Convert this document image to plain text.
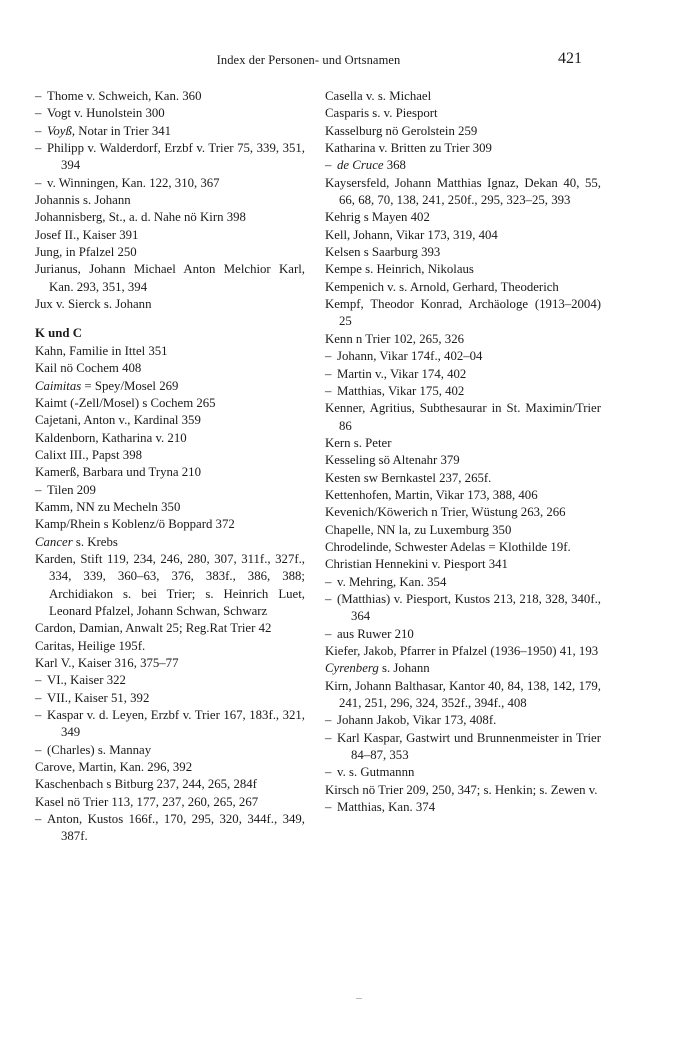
Index der Personen- und Ortsnamen	421
– Thome v. Schweich, Kan. 360
– Vogt v. Hunolstein 300
– Voyß, Notar in Trier 341
– Philipp v. Walderdorf, Erzbf v. Trier 75, 339, 351, 394
– v. Winningen, Kan. 122, 310, 367
Johannis s. Johann
Johannisberg, St., a. d. Nahe nö Kirn 398
Josef II., Kaiser 391
Jung, in Pfalzel 250
Jurianus, Johann Michael Anton Melchior Karl, Kan. 293, 351, 394
Jux v. Sierck s. Johann
K und C
Kahn, Familie in Ittel 351
Kail nö Cochem 408
Caimitas = Spey/Mosel 269
Kaimt (-Zell/Mosel) s Cochem 265
Cajetani, Anton v., Kardinal 359
Kaldenborn, Katharina v. 210
Calixt III., Papst 398
Kamerß, Barbara und Tryna 210
– Tilen 209
Kamm, NN zu Mecheln 350
Kamp/Rhein s Koblenz/ö Boppard 372
Cancer s. Krebs
Karden, Stift 119, 234, 246, 280, 307, 311f., 327f., 334, 339, 360–63, 376, 383f., 386, 388; Archidiakon s. bei Trier; s. Heinrich Luet, Leonard Pfalzel, Johann Schwan, Schwarz
Cardon, Damian, Anwalt 25; Reg.Rat Trier 42
Caritas, Heilige 195f.
Karl V., Kaiser 316, 375–77
– VI., Kaiser 322
– VII., Kaiser 51, 392
– Kaspar v. d. Leyen, Erzbf v. Trier 167, 183f., 321, 349
– (Charles) s. Mannay
Carove, Martin, Kan. 296, 392
Kaschenbach s Bitburg 237, 244, 265, 284f
Kasel nö Trier 113, 177, 237, 260, 265, 267
– Anton, Kustos 166f., 170, 295, 320, 344f., 349, 387f.
Casella v. s. Michael
Casparis s. v. Piesport
Kasselburg nö Gerolstein 259
Katharina v. Britten zu Trier 309
– de Cruce 368
Kaysersfeld, Johann Matthias Ignaz, Dekan 40, 55, 66, 68, 70, 138, 241, 250f., 295, 323–25, 393
Kehrig s Mayen 402
Kell, Johann, Vikar 173, 319, 404
Kelsen s Saarburg 393
Kempe s. Heinrich, Nikolaus
Kempenich v. s. Arnold, Gerhard, Theoderich
Kempf, Theodor Konrad, Archäologe (1913–2004) 25
Kenn n Trier 102, 265, 326
– Johann, Vikar 174f., 402–04
– Martin v., Vikar 174, 402
– Matthias, Vikar 175, 402
Kenner, Agritius, Subthesaurar in St. Maximin/Trier 86
Kern s. Peter
Kesseling sö Altenahr 379
Kesten sw Bernkastel 237, 265f.
Kettenhofen, Martin, Vikar 173, 388, 406
Kevenich/Köwerich n Trier, Wüstung 263, 266
Chapelle, NN la, zu Luxemburg 350
Chrodelinde, Schwester Adelas = Klothilde 19f.
Christian Hennekini v. Piesport 341
– v. Mehring, Kan. 354
– (Matthias) v. Piesport, Kustos 213, 218, 328, 340f., 364
– aus Ruwer 210
Kiefer, Jakob, Pfarrer in Pfalzel (1936–1950) 41, 193
Cyrenberg s. Johann
Kirn, Johann Balthasar, Kantor 40, 84, 138, 142, 179, 241, 251, 296, 324, 352f., 394f., 408
– Johann Jakob, Vikar 173, 408f.
– Karl Kaspar, Gastwirt und Brunnenmeister in Trier 84–87, 353
– v. s. Gutmannn
Kirsch nö Trier 209, 250, 347; s. Henkin; s. Zewen v.
– Matthias, Kan. 374
